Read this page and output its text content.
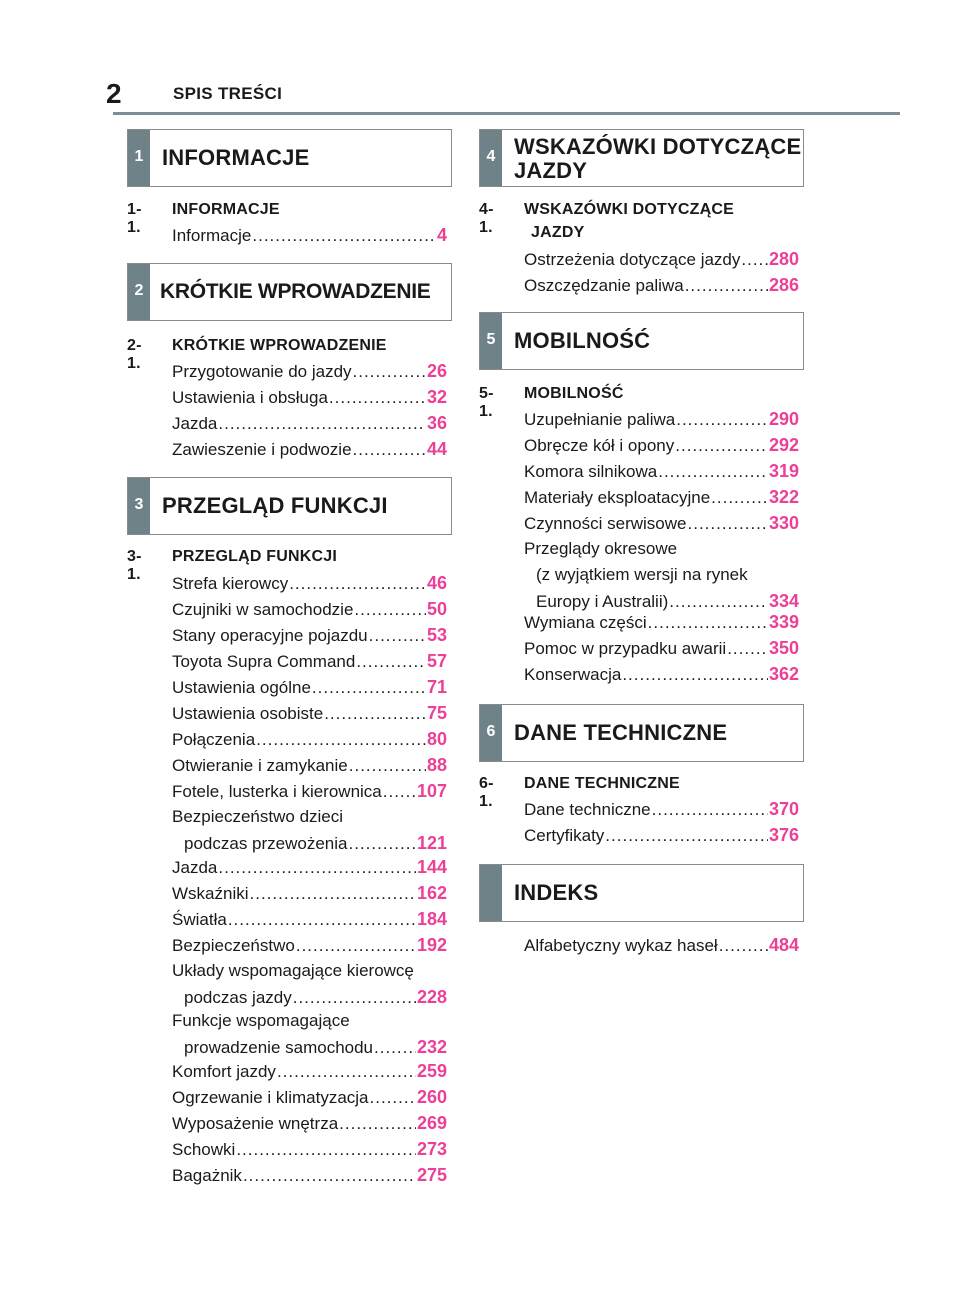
2	SPIS TREŚCI
1 INFORMACJE
1-1.
INFORMACJE
Informacje .....	4
2 KRÓTKIE WPROWADZENIE
2-1.
KRÓTKIE WPROWADZENIE
Przygotowanie do jazdy .....	26
Ustawienia i obsługa .....	32
Jazda .....	36
Zawieszenie i podwozie .....	44
3 PRZEGLĄD FUNKCJI
3-1.
PRZEGLĄD FUNKCJI
Strefa kierowcy .....	46
Czujniki w samochodzie .....	50
Stany operacyjne pojazdu .....	53
Toyota Supra Command .....	57
Ustawienia ogólne .....	71
Ustawienia osobiste .....	75
Połączenia .....	80
Otwieranie i zamykanie .....	88
Fotele, lusterka i kierownica ..... 107
Bezpieczeństwo dzieci
podczas przewożenia .....	121
Jazda .....	144
Wskaźniki .....	162
Światła .....	184
Bezpieczeństwo .....	192
Układy wspomagające kierowcę
podczas jazdy .....	228
Funkcje wspomagające
prowadzenie samochodu ..... 232
Komfort jazdy .....	259
Ogrzewanie i klimatyzacja .....	260
Wyposażenie wnętrza .....	269
Schowki .....	273
Bagażnik .....	275
4 WSKAZÓWKI DOTYCZĄCE
JAZDY
4-1.
WSKAZÓWKI DOTYCZĄCE
JAZDY
Ostrzeżenia dotyczące jazdy ..... 280
Oszczędzanie paliwa .....	286
5 MOBILNOŚĆ
5-1.
MOBILNOŚĆ
Uzupełnianie paliwa .....	290
Obręcze kół i opony .....	292
Komora silnikowa .....	319
Materiały eksploatacyjne .....	322
Czynności serwisowe .....	330
Przeglądy okresowe
(z wyjątkiem wersji na rynek
Europy i Australii) .....	334
Wymiana części .....	339
Pomoc w przypadku awarii ..... 350
Konserwacja .....	362
6 DANE TECHNICZNE
6-1.
DANE TECHNICZNE
Dane techniczne .....	370
Certyfikaty .....	376
INDEKS
Alfabetyczny wykaz haseł .....	484
